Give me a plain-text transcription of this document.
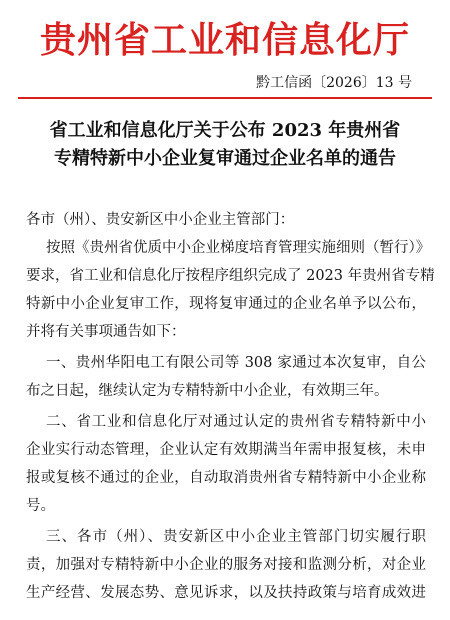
贵州省工业和信息化厅
黔工信函〔2026〕13 号
省工业和信息化厅关于公布 2023 年贵州省
专精特新中小企业复审通过企业名单的通告
各市（州）、贵安新区中小企业主管部门：
按照《贵州省优质中小企业梯度培育管理实施细则（暂行）》
要求，省工业和信息化厅按程序组织完成了 2023 年贵州省专精
特新中小企业复审工作，现将复审通过的企业名单予以公布，
并将有关事项通告如下：
一、贵州华阳电工有限公司等 308 家通过本次复审，自公
布之日起，继续认定为专精特新中小企业，有效期三年。
二、省工业和信息化厅对通过认定的贵州省专精特新中小
企业实行动态管理，企业认定有效期满当年需申报复核，未申
报或复核不通过的企业，自动取消贵州省专精特新中小企业称
号。
三、各市（州）、贵安新区中小企业主管部门切实履行职
责，加强对专精特新中小企业的服务对接和监测分析，对企业
生产经营、发展态势、意见诉求，以及扶持政策与培育成效进
